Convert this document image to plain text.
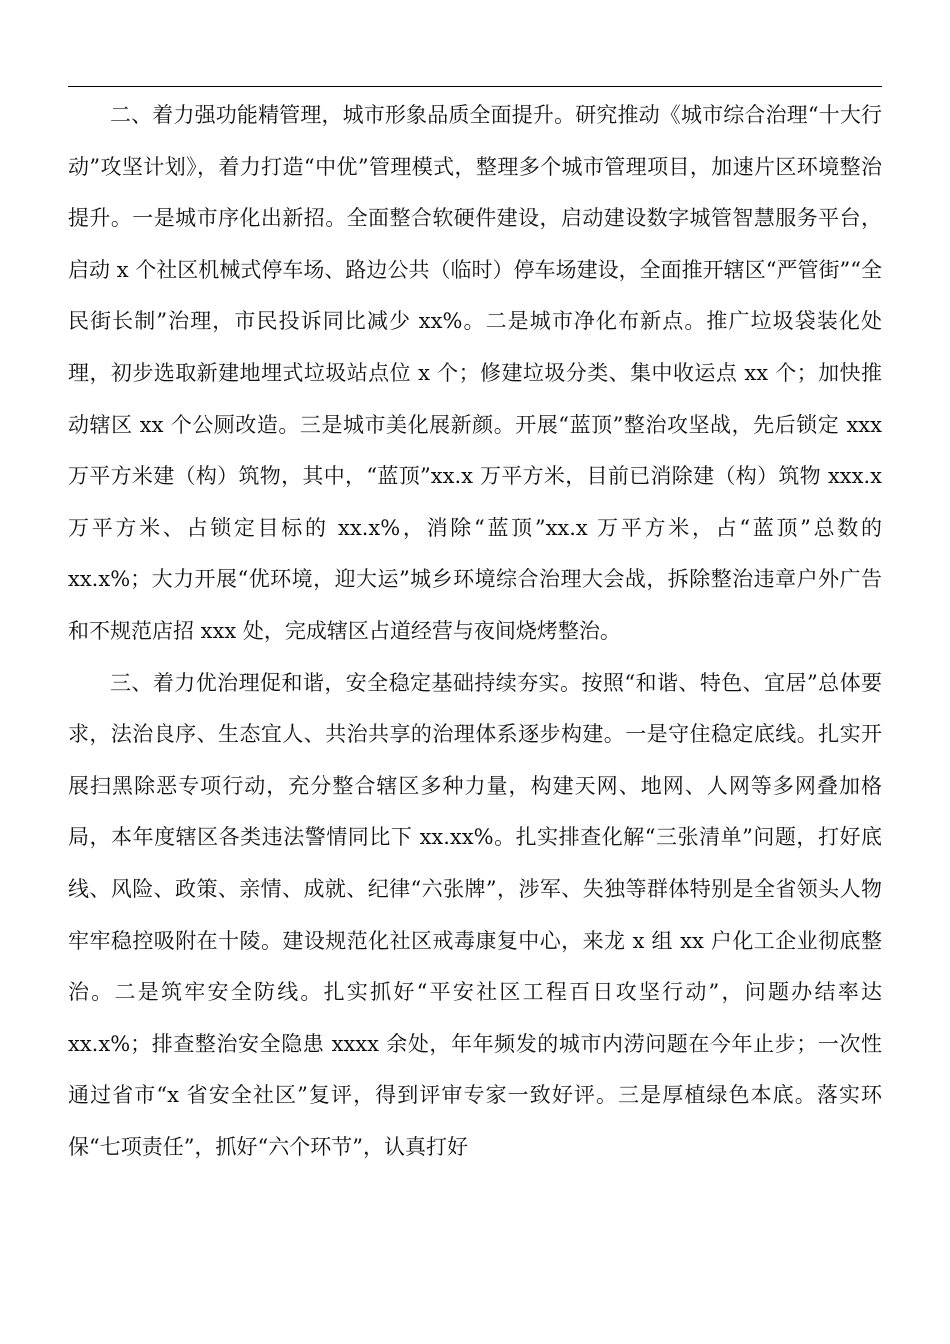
二、着力强功能精管理，城市形象品质全面提升。研究推动《城市综合治理“十大行动”攻坚计划》，着力打造“中优”管理模式，整理多个城市管理项目，加速片区环境整治提升。一是城市序化出新招。全面整合软硬件建设，启动建设数字城管智慧服务平台，启动 x 个社区机械式停车场、路边公共（临时）停车场建设，全面推开辖区“严管街”“全民街长制”治理，市民投诉同比减少 xx%。二是城市净化布新点。推广垃圾袋装化处理，初步选取新建地埋式垃圾站点位 x 个；修建垃圾分类、集中收运点 xx 个；加快推动辖区 xx 个公厕改造。三是城市美化展新颜。开展“蓝顶”整治攻坚战，先后锁定 xxx 万平方米建（构）筑物，其中，“蓝顶”xx.x 万平方米，目前已消除建（构）筑物 xxx.x 万平方米、占锁定目标的 xx.x%，消除“蓝顶”xx.x 万平方米，占“蓝顶”总数的 xx.x%；大力开展“优环境，迎大运”城乡环境综合治理大会战，拆除整治违章户外广告和不规范店招 xxx 处，完成辖区占道经营与夜间烧烤整治。

三、着力优治理促和谐，安全稳定基础持续夯实。按照“和谐、特色、宜居”总体要求，法治良序、生态宜人、共治共享的治理体系逐步构建。一是守住稳定底线。扎实开展扫黑除恶专项行动，充分整合辖区多种力量，构建天网、地网、人网等多网叠加格局，本年度辖区各类违法警情同比下 xx.xx%。扎实排查化解“三张清单”问题，打好底线、风险、政策、亲情、成就、纪律“六张牌”，涉军、失独等群体特别是全省领头人物牢牢稳控吸附在十陵。建设规范化社区戒毒康复中心，来龙 x 组 xx 户化工企业彻底整治。二是筑牢安全防线。扎实抓好“平安社区工程百日攻坚行动”，问题办结率达 xx.x%；排查整治安全隐患 xxxx 余处，年年频发的城市内涝问题在今年止步；一次性通过省市“x 省安全社区”复评，得到评审专家一致好评。三是厚植绿色本底。落实环保“七项责任”，抓好“六个环节”，认真打好
